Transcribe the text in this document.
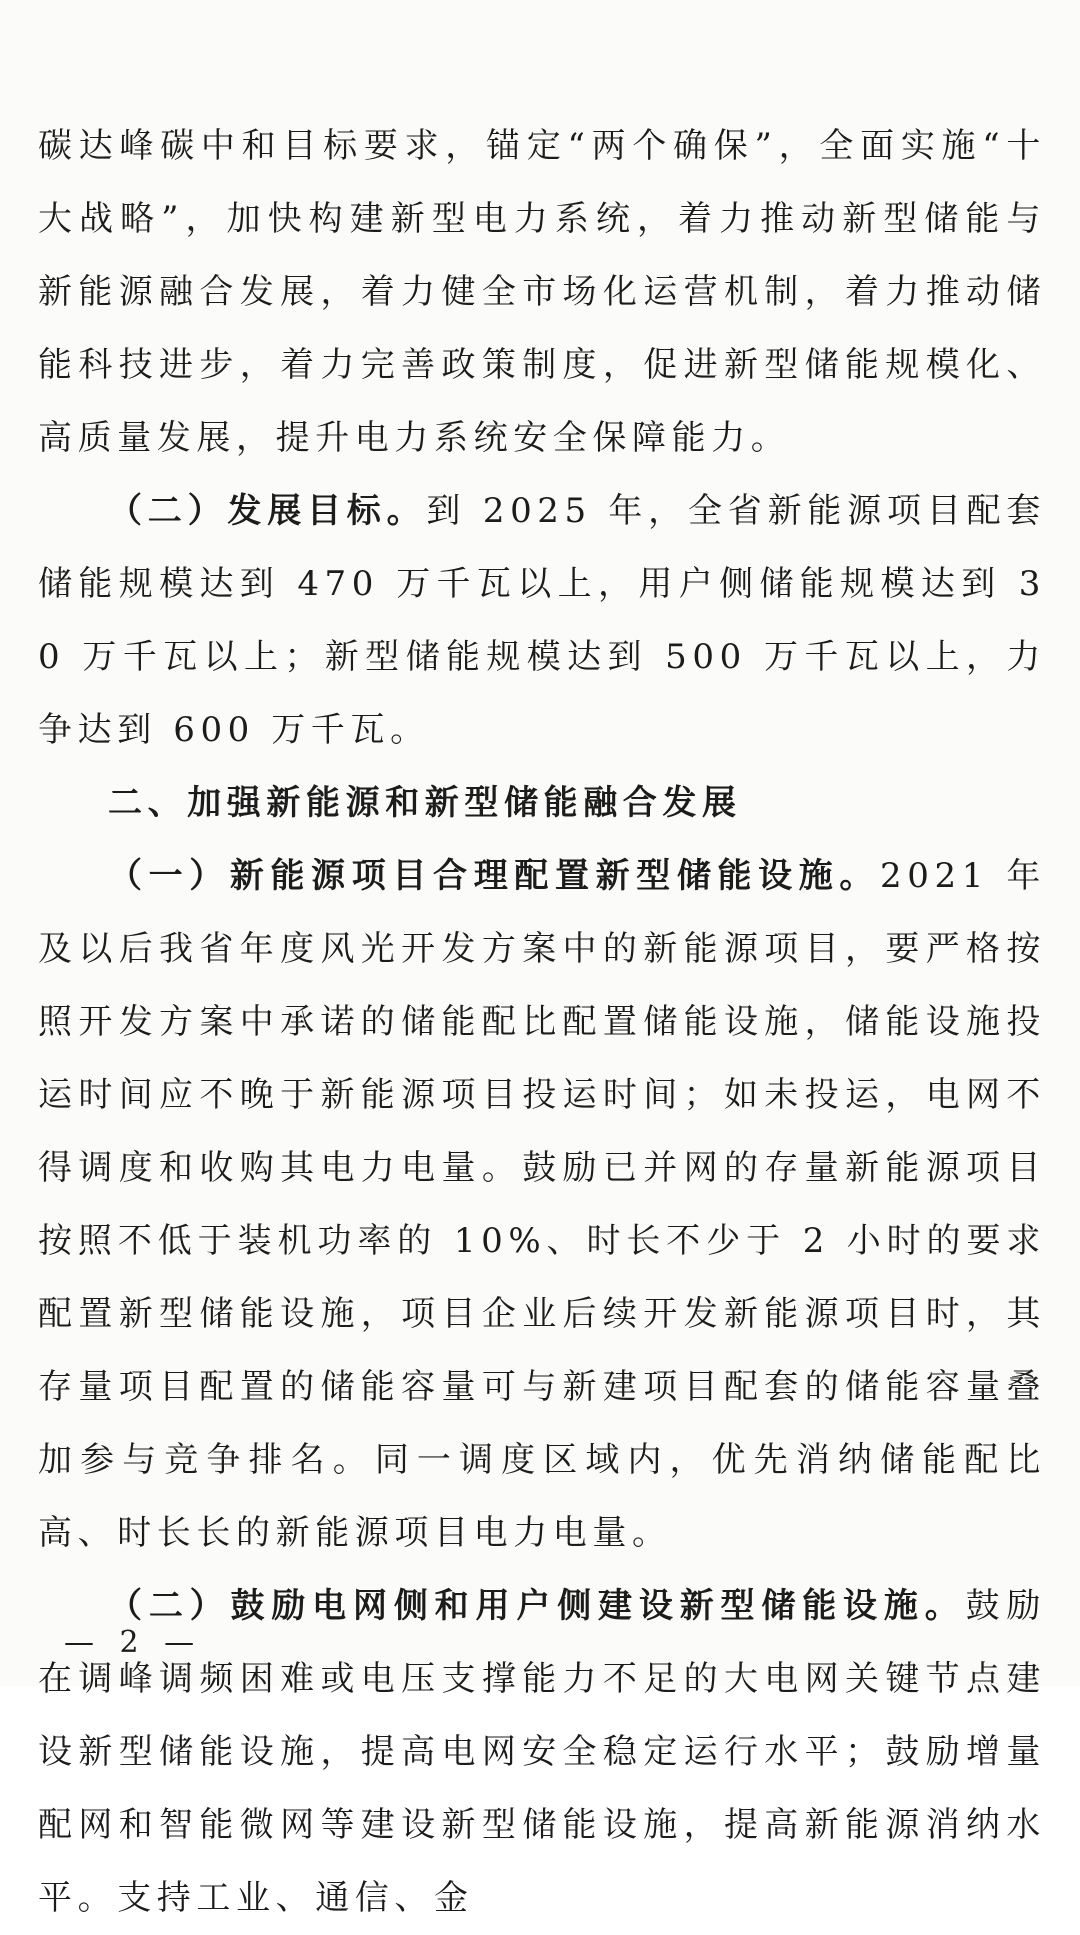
碳达峰碳中和目标要求，锚定“两个确保”，全面实施“十大战略”，加快构建新型电力系统，着力推动新型储能与新能源融合发展，着力健全市场化运营机制，着力推动储能科技进步，着力完善政策制度，促进新型储能规模化、高质量发展，提升电力系统安全保障能力。

（二）发展目标。到 2025 年，全省新能源项目配套储能规模达到 470 万千瓦以上，用户侧储能规模达到 30 万千瓦以上；新型储能规模达到 500 万千瓦以上，力争达到 600 万千瓦。

二、加强新能源和新型储能融合发展

（一）新能源项目合理配置新型储能设施。2021 年及以后我省年度风光开发方案中的新能源项目，要严格按照开发方案中承诺的储能配比配置储能设施，储能设施投运时间应不晚于新能源项目投运时间；如未投运，电网不得调度和收购其电力电量。鼓励已并网的存量新能源项目按照不低于装机功率的 10%、时长不少于 2 小时的要求配置新型储能设施，项目企业后续开发新能源项目时，其存量项目配置的储能容量可与新建项目配套的储能容量叠加参与竞争排名。同一调度区域内，优先消纳储能配比高、时长长的新能源项目电力电量。

（二）鼓励电网侧和用户侧建设新型储能设施。鼓励在调峰调频困难或电压支撑能力不足的大电网关键节点建设新型储能设施，提高电网安全稳定运行水平；鼓励增量配网和智能微网等建设新型储能设施，提高新能源消纳水平。支持工业、通信、金

— 2 —
